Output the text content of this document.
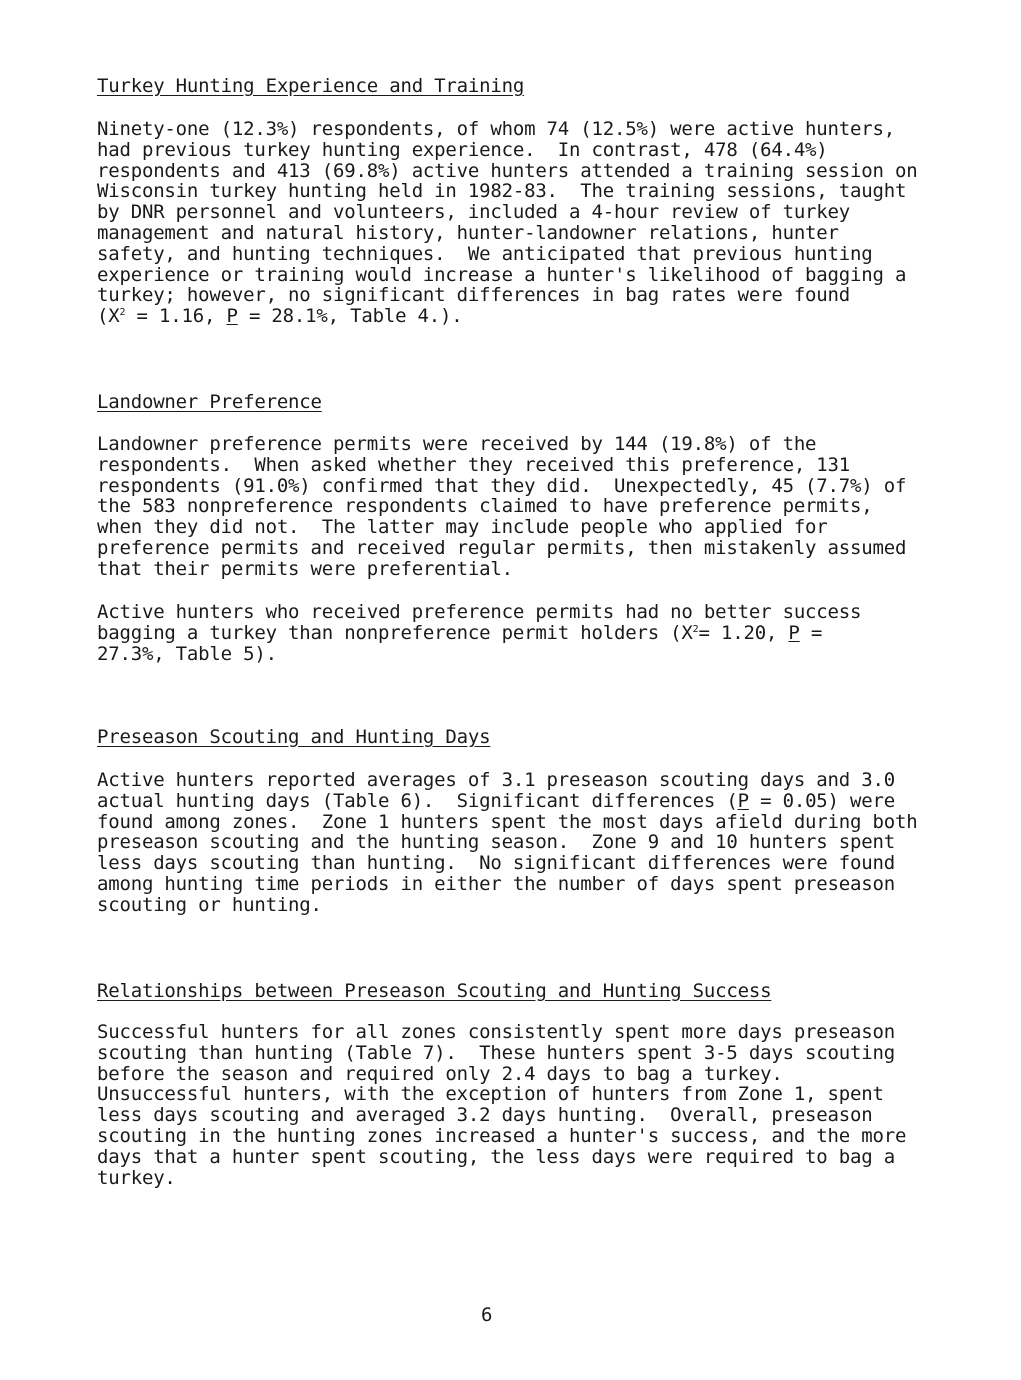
Turkey Hunting Experience and Training
Ninety-one (12.3%) respondents, of whom 74 (12.5%) were active hunters,
had previous turkey hunting experience.  In contrast, 478 (64.4%)
respondents and 413 (69.8%) active hunters attended a training session on
Wisconsin turkey hunting held in 1982-83.  The training sessions, taught
by DNR personnel and volunteers, included a 4-hour review of turkey
management and natural history, hunter-landowner relations, hunter
safety, and hunting techniques.  We anticipated that previous hunting
experience or training would increase a hunter's likelihood of bagging a
turkey; however, no significant differences in bag rates were found
($X^2 = 1.16$, P = 28.1%, Table 4.).
Landowner Preference
Landowner preference permits were received by 144 (19.8%) of the
respondents.  When asked whether they received this preference, 131
respondents (91.0%) confirmed that they did.  Unexpectedly, 45 (7.7%) of
the 583 nonpreference respondents claimed to have preference permits,
when they did not.  The latter may include people who applied for
preference permits and received regular permits, then mistakenly assumed
that their permits were preferential.
Active hunters who received preference permits had no better success
bagging a turkey than nonpreference permit holders ($X^2= 1.20$, P =
27.3%, Table 5).
Preseason Scouting and Hunting Days
Active hunters reported averages of 3.1 preseason scouting days and 3.0
actual hunting days (Table 6).  Significant differences (P = 0.05) were
found among zones.  Zone 1 hunters spent the most days afield during both
preseason scouting and the hunting season.  Zone 9 and 10 hunters spent
less days scouting than hunting.  No significant differences were found
among hunting time periods in either the number of days spent preseason
scouting or hunting.
Relationships between Preseason Scouting and Hunting Success
Successful hunters for all zones consistently spent more days preseason
scouting than hunting (Table 7).  These hunters spent 3-5 days scouting
before the season and required only 2.4 days to bag a turkey.
Unsuccessful hunters, with the exception of hunters from Zone 1, spent
less days scouting and averaged 3.2 days hunting.  Overall, preseason
scouting in the hunting zones increased a hunter's success, and the more
days that a hunter spent scouting, the less days were required to bag a
turkey.
6
